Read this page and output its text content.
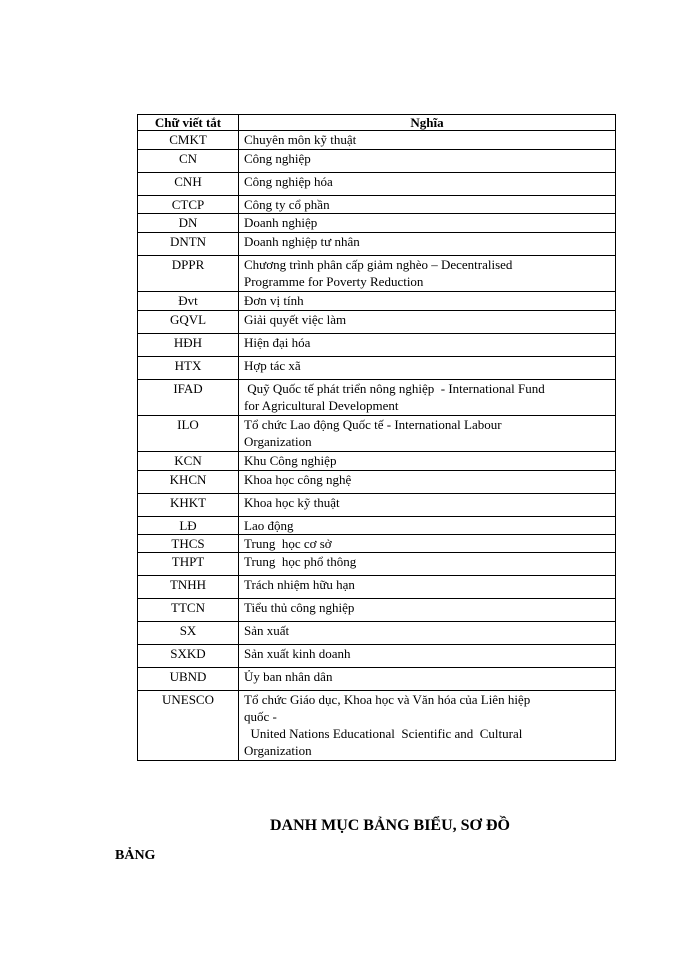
Chữ viết tắt	Nghĩa
CMKT	Chuyên môn kỹ thuật

CN	Công nghiệp

CNH	Công nghiệp hóa

CTCP	Công ty cổ phần

DN	Doanh nghiệp

DNTN	Doanh nghiệp tư nhân

DPPR	Chương trình phân cấp giảm nghèo – Decentralised
Programme for Poverty Reduction

Đvt	Đơn vị tính

GQVL	Giải quyết việc làm

HĐH	Hiện đại hóa

HTX	Hợp tác xã

IFAD	Quỹ Quốc tế phát triển nông nghiệp  - International Fund
for Agricultural Development

ILO	Tổ chức Lao động Quốc tế - International Labour
Organization

KCN	Khu Công nghiệp

KHCN	Khoa học công nghệ

KHKT	Khoa học kỹ thuật

LĐ	Lao động

THCS	Trung  học cơ sở

THPT	Trung  học phổ thông

TNHH	Trách nhiệm hữu hạn

TTCN	Tiểu thủ công nghiệp

SX	Sản xuất

SXKD	Sản xuất kinh doanh

UBND	Ủy ban nhân dân

UNESCO	Tổ chức Giáo dục, Khoa học và Văn hóa của Liên hiệp
quốc -
United Nations Educational  Scientific and  Cultural
Organization
DANH MỤC BẢNG BIỂU, SƠ ĐỒ
BẢNG
